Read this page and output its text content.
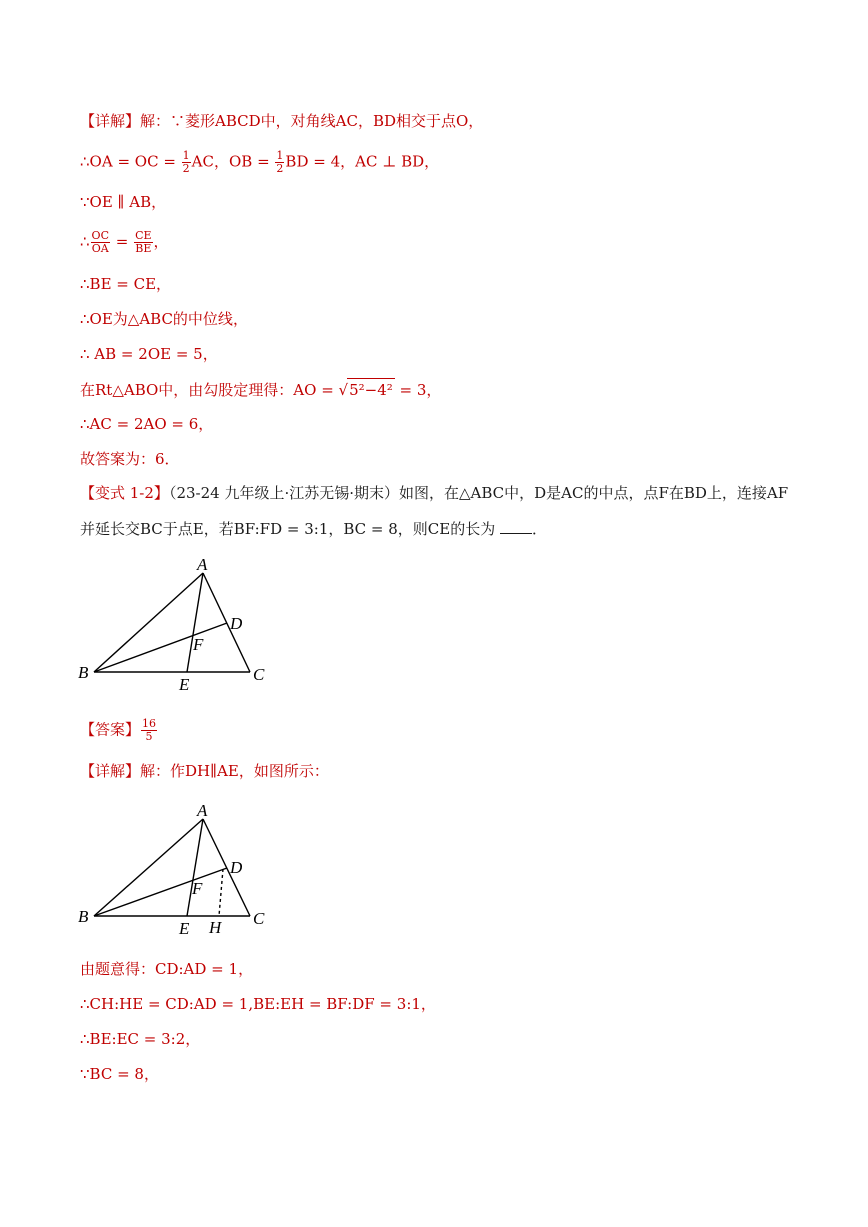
【详解】解：∵菱形ABCD中，对角线AC，BD相交于点O，
∴OA = OC = $\frac{1}{2}$ AC，OB = $\frac{1}{2}$ BD = 4，AC ⊥ BD，
∵OE ∥ AB，
∴ $\frac{OC}{OA} = \frac{CE}{BE}$ ，
∴BE = CE，
∴OE为△ABC的中位线，
∴ AB = 2OE = 5，
在Rt△ABO中，由勾股定理得：AO = √5²−4² = 3，
∴AC = 2AO = 6，
故答案为：6．
【变式 1-2】（23-24 九年级上·江苏无锡·期末）如图，在△ABC中，D是AC的中点，点F在BD上，连接AF
并延长交BC于点E，若BF:FD = 3:1，BC = 8，则CE的长为 ．
A
B	C
D
E
F
【答案】 $\frac{16}{5}$
【详解】解：作DH∥AE，如图所示：
A
B	C
D
E
F
H
由题意得：CD:AD = 1，
∴CH:HE = CD:AD = 1,BE:EH = BF:DF = 3:1，
∴BE:EC = 3:2，
∵BC = 8，
